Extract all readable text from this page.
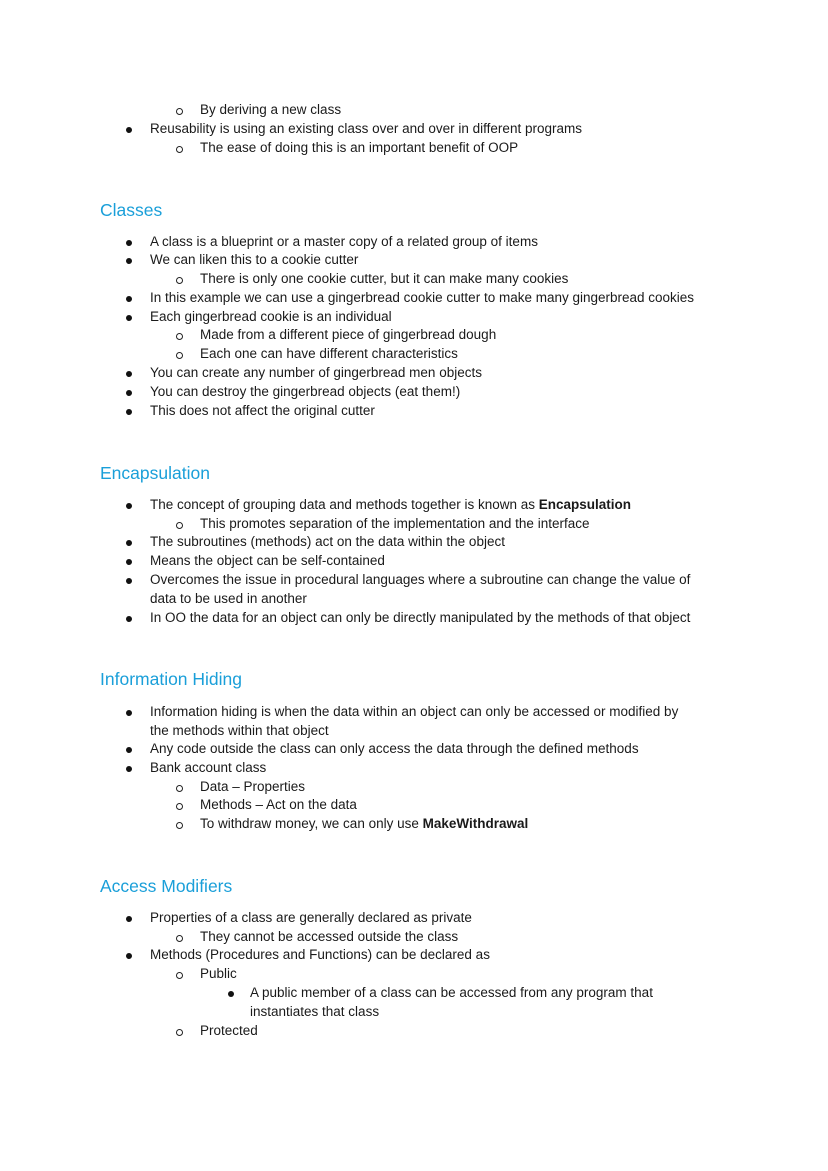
By deriving a new class
Reusability is using an existing class over and over in different programs
The ease of doing this is an important benefit of OOP
Classes
A class is a blueprint or a master copy of a related group of items
We can liken this to a cookie cutter
There is only one cookie cutter, but it can make many cookies
In this example we can use a gingerbread cookie cutter to make many gingerbread cookies
Each gingerbread cookie is an individual
Made from a different piece of gingerbread dough
Each one can have different characteristics
You can create any number of gingerbread men objects
You can destroy the gingerbread objects (eat them!)
This does not affect the original cutter
Encapsulation
The concept of grouping data and methods together is known as Encapsulation
This promotes separation of the implementation and the interface
The subroutines (methods) act on the data within the object
Means the object can be self-contained
Overcomes the issue in procedural languages where a subroutine can change the value of
data to be used in another
In OO the data for an object can only be directly manipulated by the methods of that object
Information Hiding
Information hiding is when the data within an object can only be accessed or modified by
the methods within that object
Any code outside the class can only access the data through the defined methods
Bank account class
Data – Properties
Methods – Act on the data
To withdraw money, we can only use MakeWithdrawal
Access Modifiers
Properties of a class are generally declared as private
They cannot be accessed outside the class
Methods (Procedures and Functions) can be declared as
Public
A public member of a class can be accessed from any program that
instantiates that class
Protected
